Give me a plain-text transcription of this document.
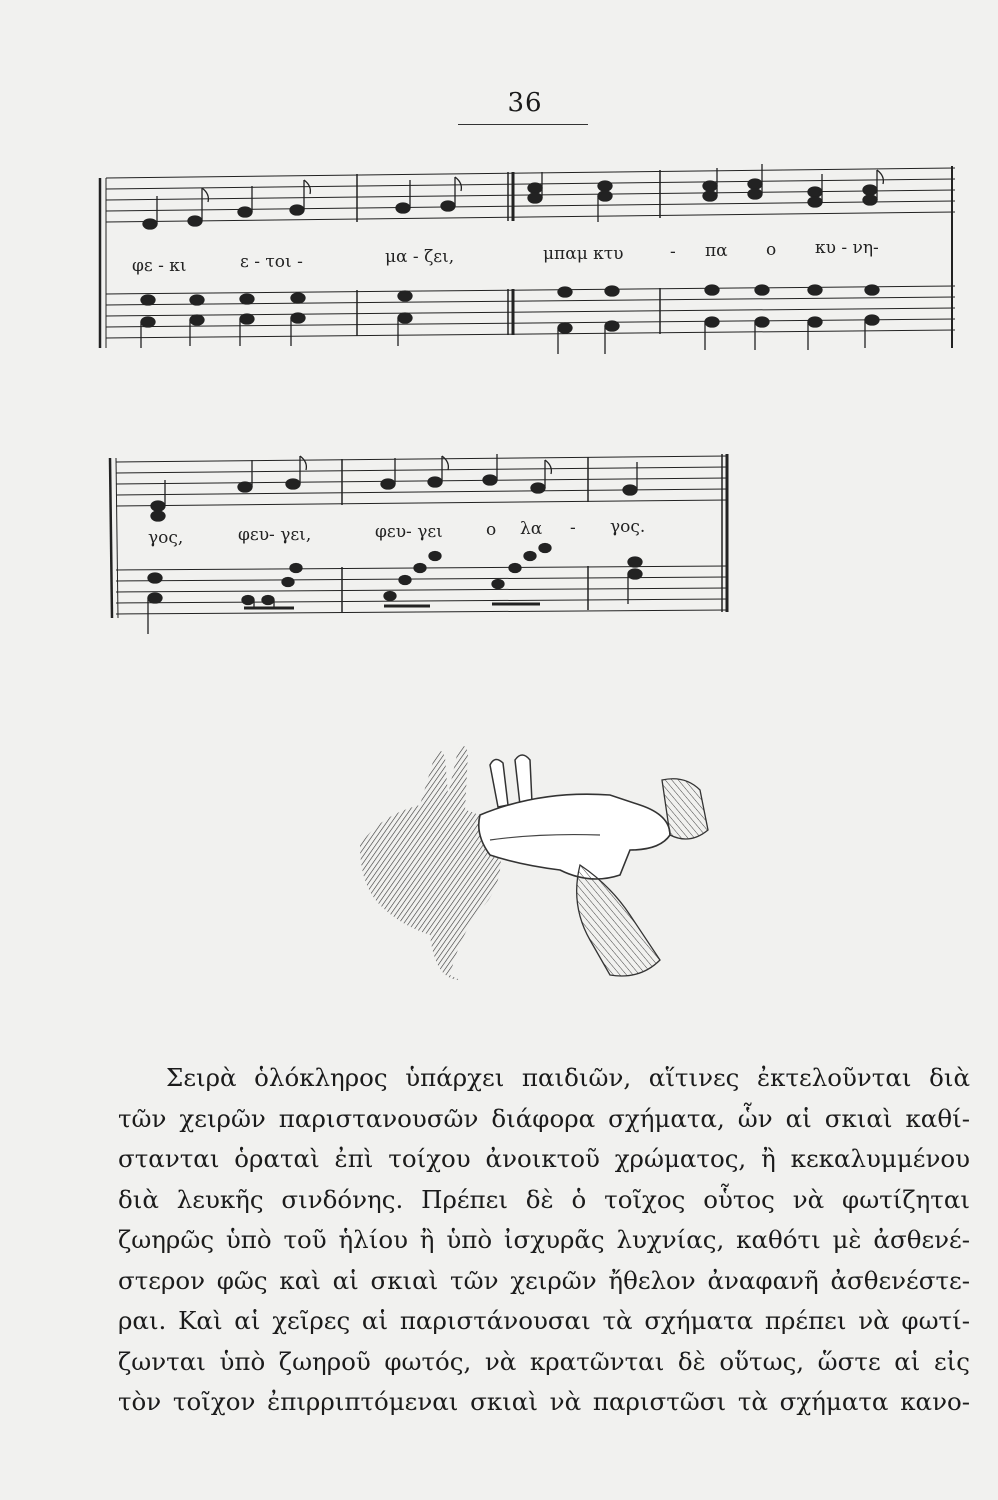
36
φε - κι	ε - τοι -	μα - ζει,	μπαμ κτυ	- πα ο κυ - νη-
γος,	φευ- γει,	φευ- γει	ο λα - γος.
Σειρὰ ὁλόκληρος ὑπάρχει παιδιῶν, αἵτινες ἐκτελοῦνται διὰ
τῶν χειρῶν παριστανουσῶν διάφορα σχήματα, ὧν αἱ σκιαὶ καθί-
στανται ὁραταὶ ἐπὶ τοίχου ἀνοικτοῦ χρώματος, ἢ κεκαλυμμένου
διὰ λευκῆς σινδόνης. Πρέπει δὲ ὁ τοῖχος οὗτος νὰ φωτίζηται
ζωηρῶς ὑπὸ τοῦ ἡλίου ἢ ὑπὸ ἰσχυρᾶς λυχνίας, καθότι μὲ ἀσθενέ-
στερον φῶς καὶ αἱ σκιαὶ τῶν χειρῶν ἤθελον ἀναφανῆ ἀσθενέστε-
ραι. Καὶ αἱ χεῖρες αἱ παριστάνουσαι τὰ σχήματα πρέπει νὰ φωτί-
ζωνται ὑπὸ ζωηροῦ φωτός, νὰ κρατῶνται δὲ οὕτως, ὥστε αἱ εἰς
τὸν τοῖχον ἐπιρριπτόμεναι σκιαὶ νὰ παριστῶσι τὰ σχήματα κανο-
